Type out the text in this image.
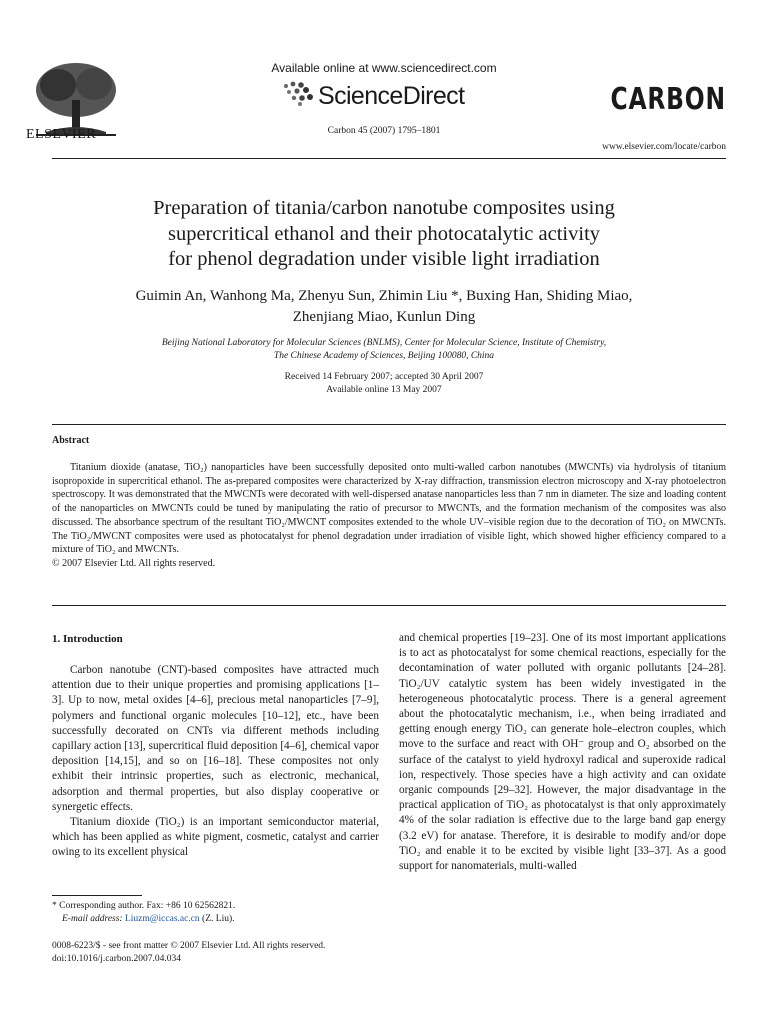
ELSEVIER
Available online at www.sciencedirect.com
ScienceDirect
Carbon 45 (2007) 1795–1801
CARBON
www.elsevier.com/locate/carbon
Preparation of titania/carbon nanotube composites using
supercritical ethanol and their photocatalytic activity
for phenol degradation under visible light irradiation
Guimin An, Wanhong Ma, Zhenyu Sun, Zhimin Liu *, Buxing Han, Shiding Miao,
Zhenjiang Miao, Kunlun Ding
Beijing National Laboratory for Molecular Sciences (BNLMS), Center for Molecular Science, Institute of Chemistry,
The Chinese Academy of Sciences, Beijing 100080, China
Received 14 February 2007; accepted 30 April 2007
Available online 13 May 2007
Abstract

Titanium dioxide (anatase, TiO₂) nanoparticles have been successfully deposited onto multi-walled carbon nanotubes (MWCNTs) via hydrolysis of titanium isopropoxide in supercritical ethanol. The as-prepared composites were characterized by X-ray diffraction, transmission electron microscopy and X-ray photoelectron spectroscopy. It was demonstrated that the MWCNTs were decorated with well-dispersed anatase nanoparticles less than 7 nm in diameter. The size and loading content of the nanoparticles on MWCNTs could be tuned by manipulating the ratio of precursor to MWCNTs, and the formation mechanism of the composites was also discussed. The absorbance spectrum of the resultant TiO₂/MWCNT composites extended to the whole UV–visible region due to the decoration of TiO₂ on MWCNTs. The TiO₂/MWCNT composites were used as photocatalyst for phenol degradation under irradiation of visible light, which showed higher efficiency compared to a mixture of TiO₂ and MWCNTs.

© 2007 Elsevier Ltd. All rights reserved.

1. Introduction

Carbon nanotube (CNT)-based composites have attracted much attention due to their unique properties and promising applications [1–3]. Up to now, metal oxides [4–6], precious metal nanoparticles [7–9], polymers and functional organic molecules [10–12], etc., have been successfully decorated on CNTs via different methods including capillary action [13], supercritical fluid deposition [4–6], chemical vapor deposition [14,15], and so on [16–18]. These composites not only exhibit their intrinsic properties, such as electronic, mechanical, adsorption and thermal properties, but also display cooperative or synergetic effects.

Titanium dioxide (TiO₂) is an important semiconductor material, which has been applied as white pigment, cosmetic, catalyst and carrier owing to its excellent physical

and chemical properties [19–23]. One of its most important applications is to act as photocatalyst for some chemical reactions, especially for the decontamination of water polluted with organic pollutants [24–28]. TiO₂/UV catalytic system has been widely investigated in the heterogeneous photocatalytic process. There is a general agreement about the photocatalytic mechanism, i.e., when being irradiated and getting enough energy TiO₂ can generate hole–electron couples, which move to the surface and react with OH⁻ group and O₂ absorbed on the surface of the catalyst to yield hydroxyl radical and superoxide radical ion, respectively. Those species have a high activity and can oxidate organic compounds [29–32]. However, the major disadvantage in the practical application of TiO₂ as photocatalyst is that only approximately 4% of the solar radiation is effective due to the large band gap energy (3.2 eV) for anatase. Therefore, it is desirable to modify and/or dope TiO₂ and enable it to be excited by visible light [33–37]. As a good support for nanomaterials, multi-walled

* Corresponding author. Fax: +86 10 62562821.
E-mail address: Liuzm@iccas.ac.cn (Z. Liu).
0008-6223/$ - see front matter © 2007 Elsevier Ltd. All rights reserved.
doi:10.1016/j.carbon.2007.04.034
